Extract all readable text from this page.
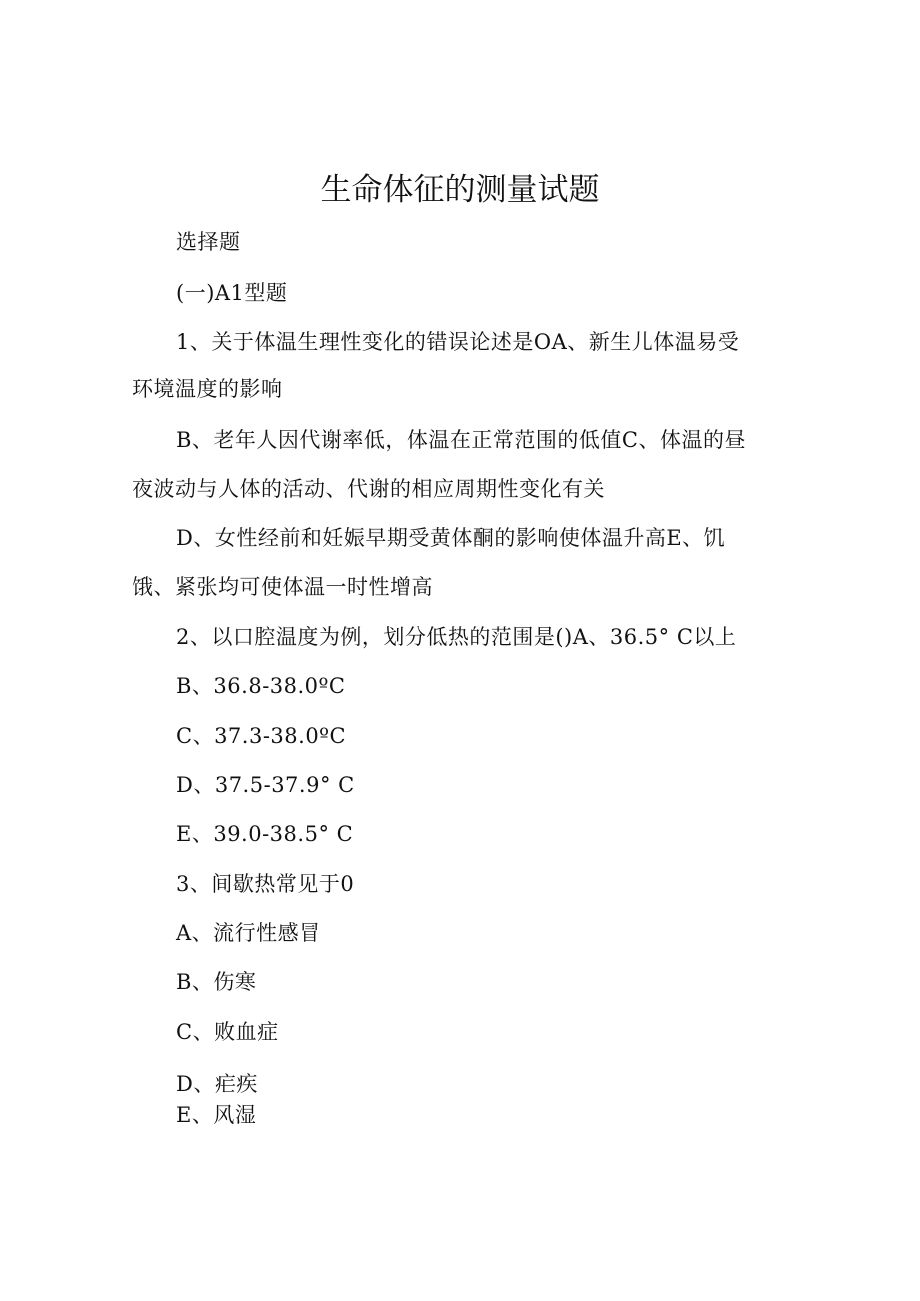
生命体征的测量试题
选择题
(一)A1型题
1、关于体温生理性变化的错误论述是OA、新生儿体温易受
环境温度的影响
B、老年人因代谢率低，体温在正常范围的低值C、体温的昼
夜波动与人体的活动、代谢的相应周期性变化有关
D、女性经前和妊娠早期受黄体酮的影响使体温升高E、饥
饿、紧张均可使体温一时性增高
2、以口腔温度为例，划分低热的范围是()A、36.5° C以上
B、36.8-38.0ºC
C、37.3-38.0ºC
D、37.5-37.9° C
E、39.0-38.5° C
3、间歇热常见于0
A、流行性感冒
B、伤寒
C、败血症
D、疟疾
E、风湿
